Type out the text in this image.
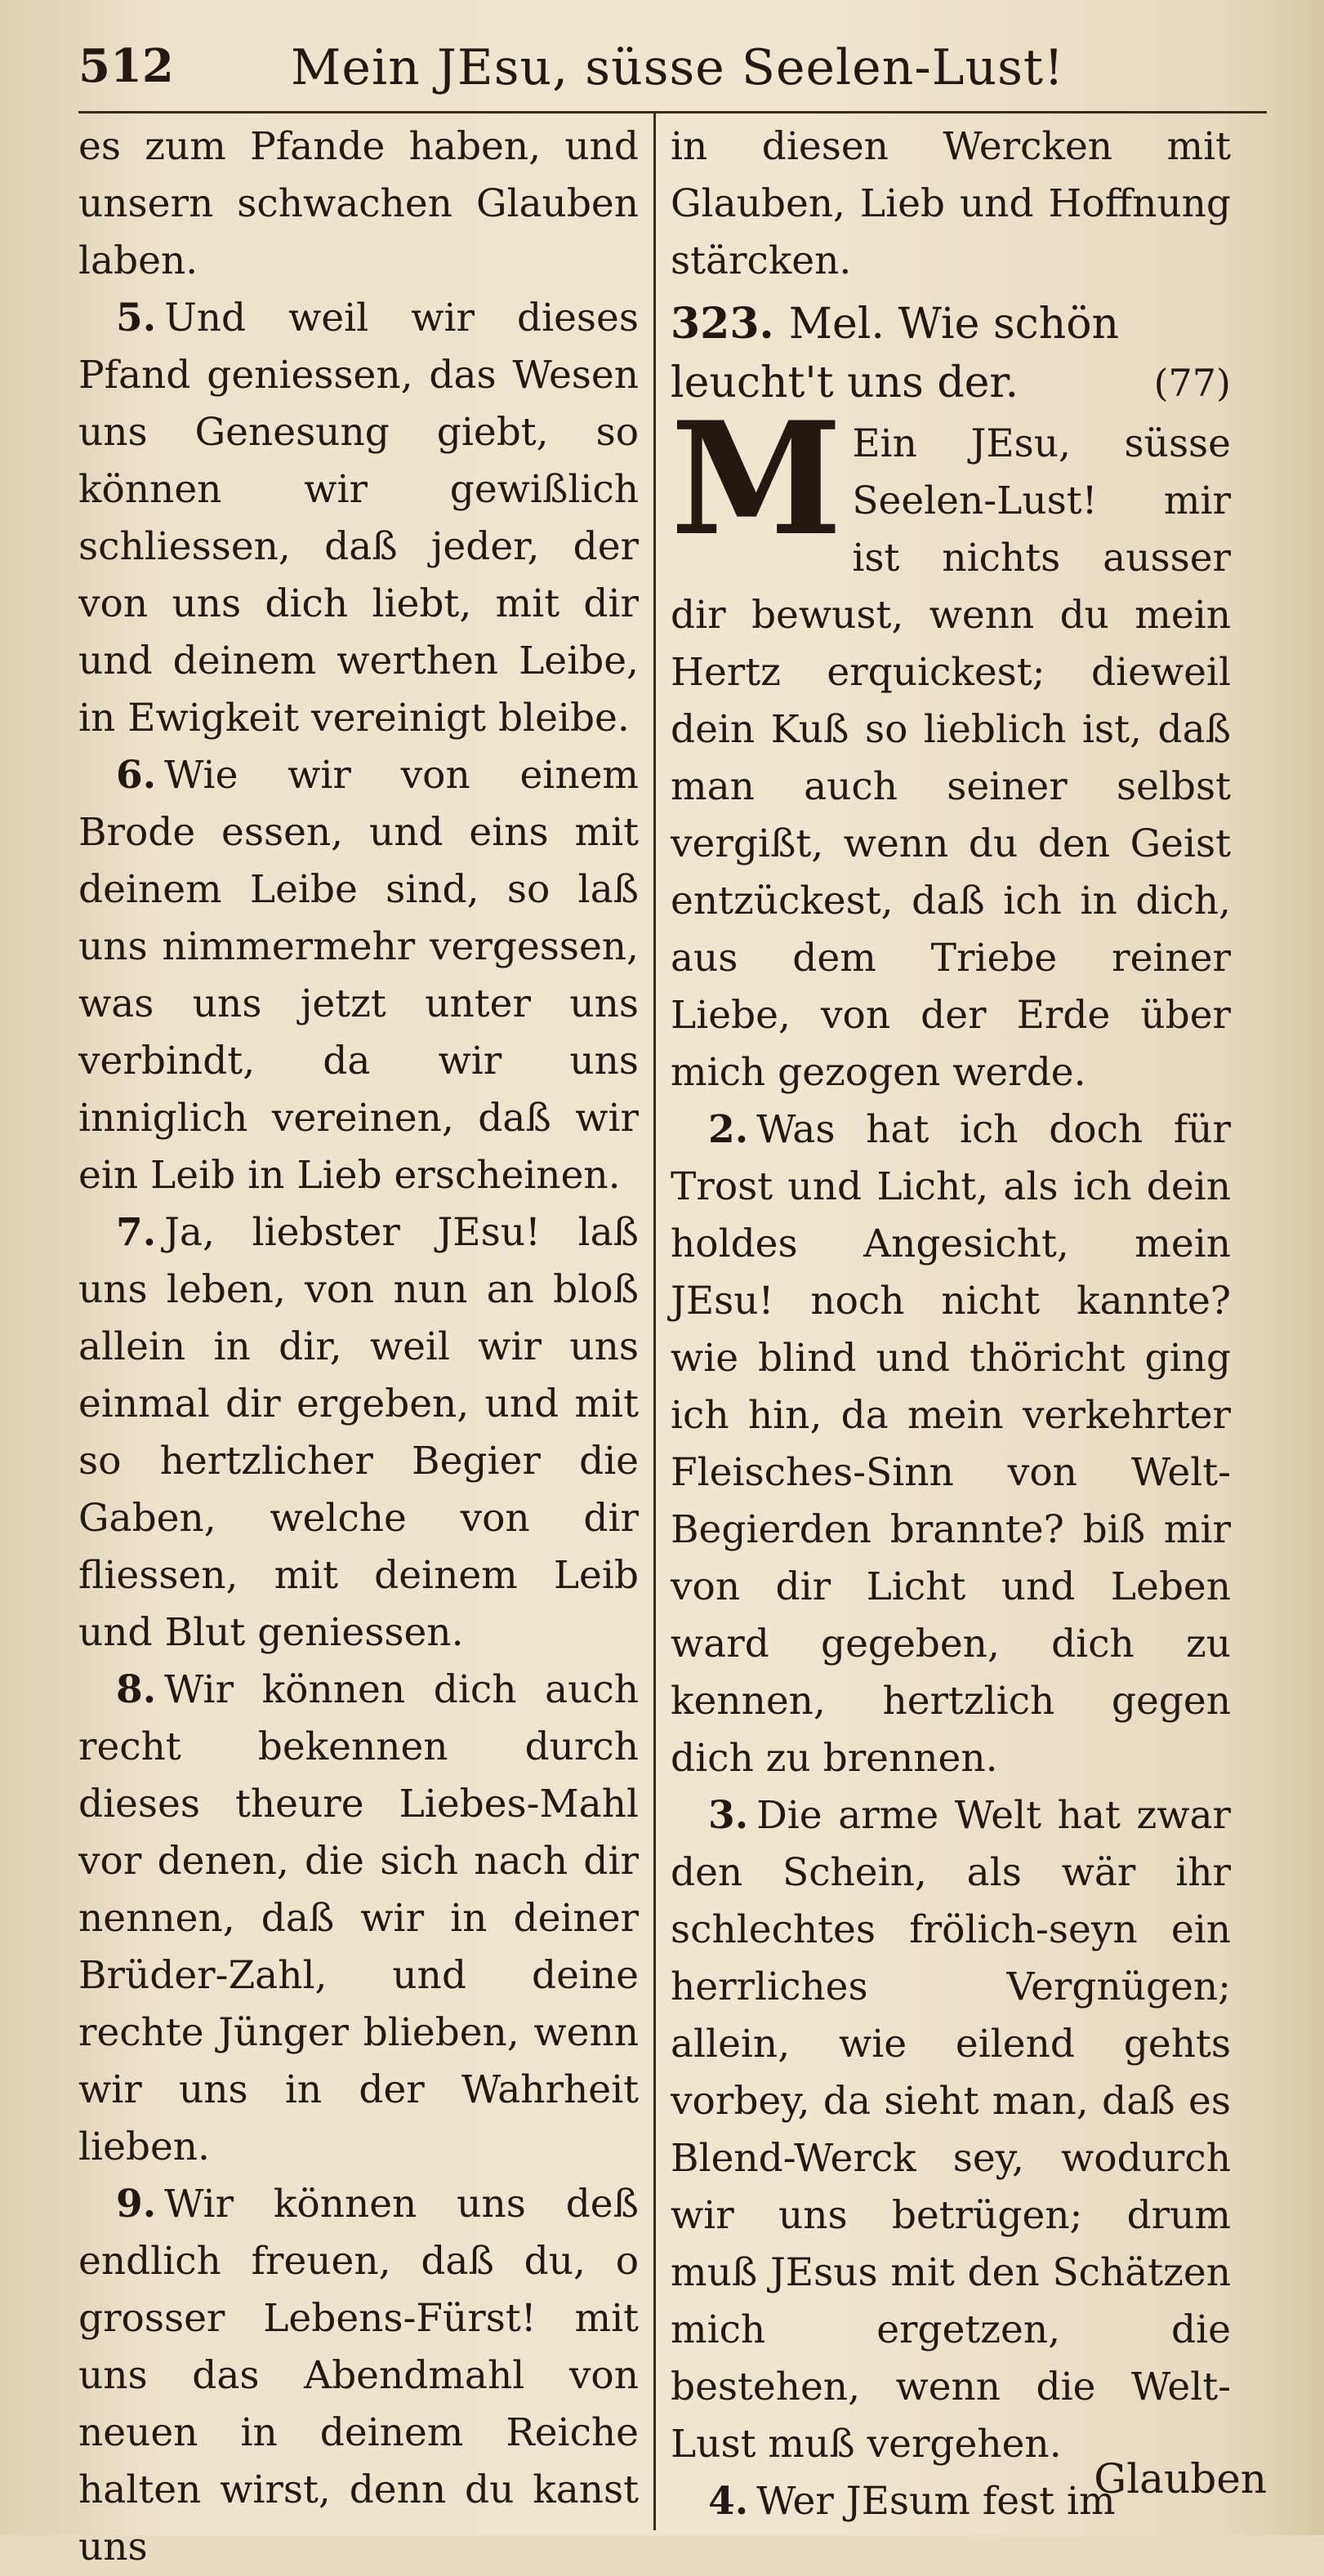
512 Mein JEsu, süsse Seelen-Lust!

es zum Pfande haben, und unsern schwachen Glauben laben.

5. Und weil wir dieses Pfand geniessen, das Wesen uns Genesung giebt, so können wir gewißlich schliessen, daß jeder, der von uns dich liebt, mit dir und deinem werthen Leibe, in Ewigkeit vereinigt bleibe.

6. Wie wir von einem Brode essen, und eins mit deinem Leibe sind, so laß uns nimmermehr vergessen, was uns jetzt unter uns verbindt, da wir uns inniglich vereinen, daß wir ein Leib in Lieb erscheinen.

7. Ja, liebster JEsu! laß uns leben, von nun an bloß allein in dir, weil wir uns einmal dir ergeben, und mit so hertzlicher Begier die Gaben, welche von dir fliessen, mit deinem Leib und Blut geniessen.

8. Wir können dich auch recht bekennen durch dieses theure Liebes-Mahl vor denen, die sich nach dir nennen, daß wir in deiner Brüder-Zahl, und deine rechte Jünger blieben, wenn wir uns in der Wahrheit lieben.

9. Wir können uns deß endlich freuen, daß du, o grosser Lebens-Fürst! mit uns das Abendmahl von neuen in deinem Reiche halten wirst, denn du kanst uns

in diesen Wercken mit Glauben, Lieb und Hoffnung stärcken.

323. Mel. Wie schön leucht't uns der.	(77)

M Ein JEsu, süsse Seelen-Lust! mir ist nichts ausser dir bewust, wenn du mein Hertz erquickest; dieweil dein Kuß so lieblich ist, daß man auch seiner selbst vergißt, wenn du den Geist entzückest, daß ich in dich, aus dem Triebe reiner Liebe, von der Erde über mich gezogen werde.

2. Was hat ich doch für Trost und Licht, als ich dein holdes Angesicht, mein JEsu! noch nicht kannte? wie blind und thöricht ging ich hin, da mein verkehrter Fleisches-Sinn von Welt-Begierden brannte? biß mir von dir Licht und Leben ward gegeben, dich zu kennen, hertzlich gegen dich zu brennen.

3. Die arme Welt hat zwar den Schein, als wär ihr schlechtes frölich-seyn ein herrliches Vergnügen; allein, wie eilend gehts vorbey, da sieht man, daß es Blend-Werck sey, wodurch wir uns betrügen; drum muß JEsus mit den Schätzen mich ergetzen, die bestehen, wenn die Welt-Lust muß vergehen.

4. Wer JEsum fest im

Glauben
